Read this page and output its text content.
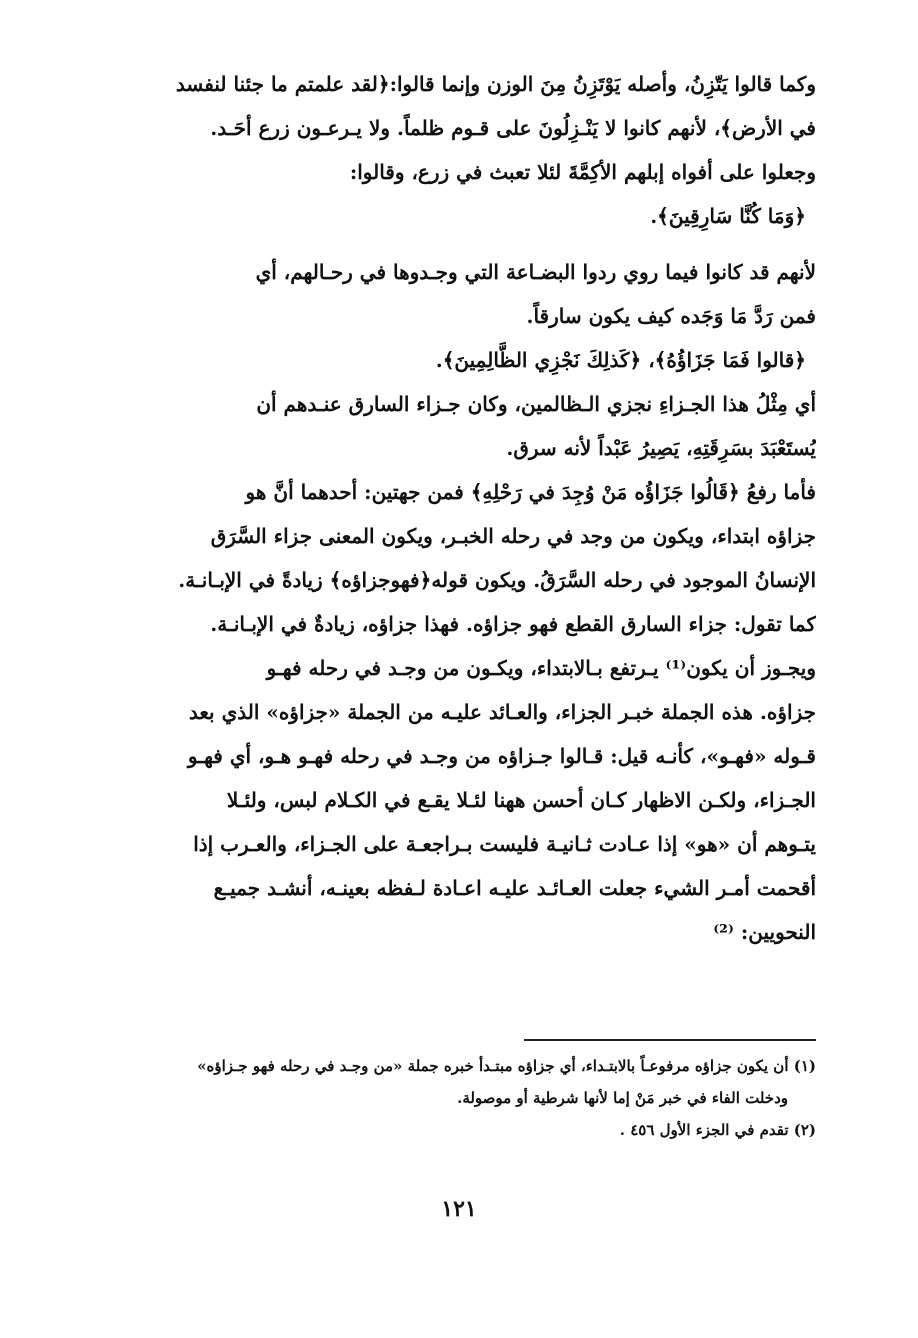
وكما قالوا يَتّزِنُ، وأصله يَوْتَزِنُ مِنَ الوزن وإنما قالوا:﴿لقد علمتم ما جئنا لنفسد
في الأرض﴾، لأنهم كانوا لا يَنْـزِلُونَ على قـوم ظلماً. ولا يـرعـون زرع أحَـد.
وجعلوا على أفواه إبلهم الأكِمَّةَ لئلا تعبث في زرع، وقالوا:
﴿وَمَا كُنَّا سَارِقِينَ﴾.
لأنهم قد كانوا فيما روي ردوا البضـاعة التي وجـدوها في رحـالهم، أي
فمن رَدَّ مَا وَجَده كيف يكون سارقاً.
﴿قالوا فَمَا جَزَاؤُهُ﴾، ﴿كَذلِكَ نَجْزِي الظَّالِمِينَ﴾.
أي مِثْلُ هذا الجـزاءِ نجزي الـظالمين، وكان جـزاء السارق عنـدهم أن
يُستَعْبَدَ بسَرِقَتِهِ، يَصِيرُ عَبْداً لأنه سرق.
فأما رفعُ ﴿قَالُوا جَزَاؤُه مَنْ وُجِدَ في رَحْلِهِ﴾ فمن جهتين: أحدهما أنَّ هو
جزاؤه ابتداء، ويكون من وجد في رحله الخبـر، ويكون المعنى جزاء السَّرَق
الإنسانُ الموجود في رحله السَّرَقُ. ويكون قوله﴿فهوجزاؤه﴾ زيادةً في الإبـانـة.
كما تقول: جزاء السارق القطع فهو جزاؤه. فهذا جزاؤه، زيادةٌ في الإبـانـة.
ويجـوز أن يكون⁽¹⁾ يـرتفع بـالابتداء، ويكـون من وجـد في رحله فهـو
جزاؤه. هذه الجملة خبـر الجزاء، والعـائد عليـه من الجملة «جزاؤه» الذي بعد
قـوله «فهـو»، كأنـه قيل: قـالوا جـزاؤه من وجـد في رحله فهـو هـو، أي فهـو
الجـزاء، ولكـن الاظهار كـان أحسن ههنا لئـلا يقـع في الكـلام لبس، ولئـلا
يتـوهم أن «هو» إذا عـادت ثـانيـة فليست بـراجعـة على الجـزاء، والعـرب إذا
أقحمت أمـر الشيء جعلت العـائـد عليـه اعـادة لـفظه بعينـه، أنشـد جميـع
النحويين: ⁽²⁾
(١) أن يكون جزاؤه مرفوعـاً بالابتـداء، أي جزاؤه مبتـدأ خبره جملة «من وجـد في رحله فهو جـزاؤه»
ودخلت الفاء في خبر مَنْ إما لأنها شرطية أو موصولة.
(٢) تقدم في الجزء الأول ٤٥٦ .
١٢١
